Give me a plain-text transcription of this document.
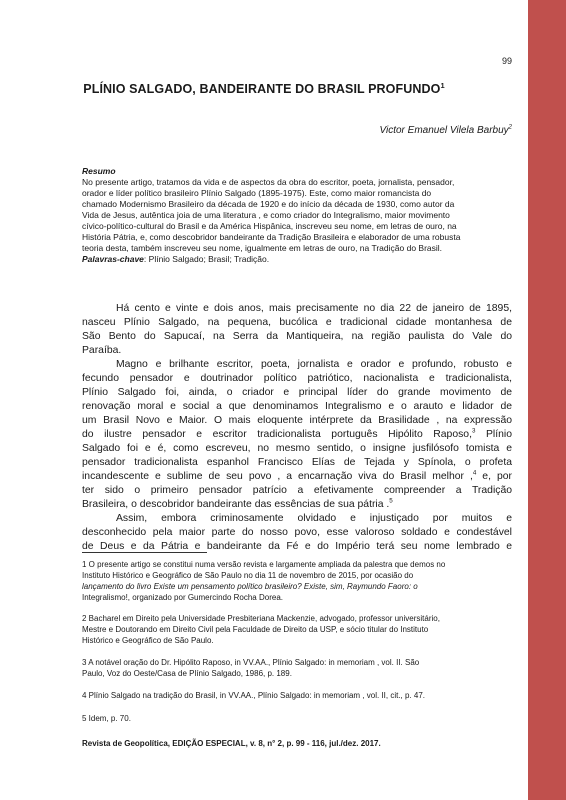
99
PLÍNIO SALGADO, BANDEIRANTE DO BRASIL PROFUNDO$^1$
Victor Emanuel Vilela Barbuy$^2$
Resumo
No presente artigo, tratamos da vida e de aspectos da obra do escritor, poeta, jornalista, pensador,
orador e líder político brasileiro Plínio Salgado (1895-1975). Este, como maior romancista do
chamado Modernismo Brasileiro da década de 1920 e do início da década de 1930, como autor da
Vida de Jesus, autêntica joia de uma literatura , e como criador do Integralismo, maior movimento
cívico-político-cultural do Brasil e da América Hispânica, inscreveu seu nome, em letras de ouro, na
História Pátria, e, como descobridor bandeirante da Tradição Brasileira e elaborador de uma robusta
teoria desta, também inscreveu seu nome, igualmente em letras de ouro, na Tradição do Brasil.
Palavras-chave: Plínio Salgado; Brasil; Tradição.
Há cento e vinte e dois anos, mais precisamente no dia 22 de janeiro de 1895,
nasceu Plínio Salgado, na pequena, bucólica e tradicional cidade montanhesa de
São Bento do Sapucaí, na Serra da Mantiqueira, na região paulista do Vale do
Paraíba.
Magno e brilhante escritor, poeta, jornalista e orador e profundo, robusto e
fecundo pensador e doutrinador político patriótico, nacionalista e tradicionalista,
Plínio Salgado foi, ainda, o criador e principal líder do grande movimento de
renovação moral e social a que denominamos Integralismo e o arauto e lidador de
um Brasil Novo e Maior. O mais eloquente intérprete da Brasilidade , na expressão
do ilustre pensador e escritor tradicionalista português Hipólito Raposo,$^3$ Plínio
Salgado foi e é, como escreveu, no mesmo sentido, o insigne jusfilósofo tomista e
pensador tradicionalista espanhol Francisco Elías de Tejada y Spínola, o profeta
incandescente e sublime de seu povo , a encarnação viva do Brasil melhor ,$^4$ e, por
ter sido o primeiro pensador patrício a efetivamente compreender a Tradição
Brasileira, o descobridor bandeirante das essências de sua pátria .$^5$
Assim, embora criminosamente olvidado e injustiçado por muitos e
desconhecido pela maior parte do nosso povo, esse valoroso soldado e condestável
de Deus e da Pátria e bandeirante da Fé e do Império terá seu nome lembrado e
1 O presente artigo se constitui numa versão revista e largamente ampliada da palestra que demos no
Instituto Histórico e Geográfico de São Paulo no dia 11 de novembro de 2015, por ocasião do
lançamento do livro Existe um pensamento político brasileiro? Existe, sim, Raymundo Faoro: o
Integralismo!, organizado por Gumercindo Rocha Dorea.
2 Bacharel em Direito pela Universidade Presbiteriana Mackenzie, advogado, professor universitário,
Mestre e Doutorando em Direito Civil pela Faculdade de Direito da USP, e sócio titular do Instituto
Histórico e Geográfico de São Paulo.
3 A notável oração do Dr. Hipólito Raposo, in VV.AA., Plínio Salgado: in memoriam , vol. II. São
Paulo, Voz do Oeste/Casa de Plínio Salgado, 1986, p. 189.
4 Plínio Salgado na tradição do Brasil, in VV.AA., Plínio Salgado: in memoriam , vol. II, cit., p. 47.
5 Idem, p. 70.
Revista de Geopolítica, EDIÇÃO ESPECIAL, v. 8, n° 2, p. 99 - 116, jul./dez. 2017.
